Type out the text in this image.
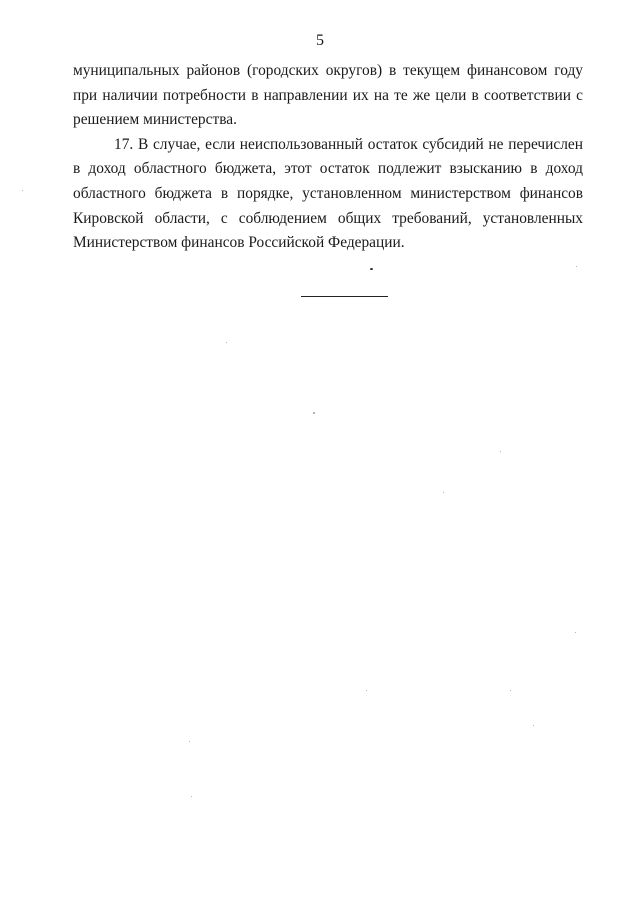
5

муниципальных районов (городских округов) в текущем финансовом году при наличии потребности в направлении их на те же цели в соответствии с решением министерства.

17. В случае, если неиспользованный остаток субсидий не перечислен в доход областного бюджета, этот остаток подлежит взысканию в доход областного бюджета в порядке, установленном министерством финансов Кировской области, с соблюдением общих требований, установленных Министерством финансов Российской Федерации.
